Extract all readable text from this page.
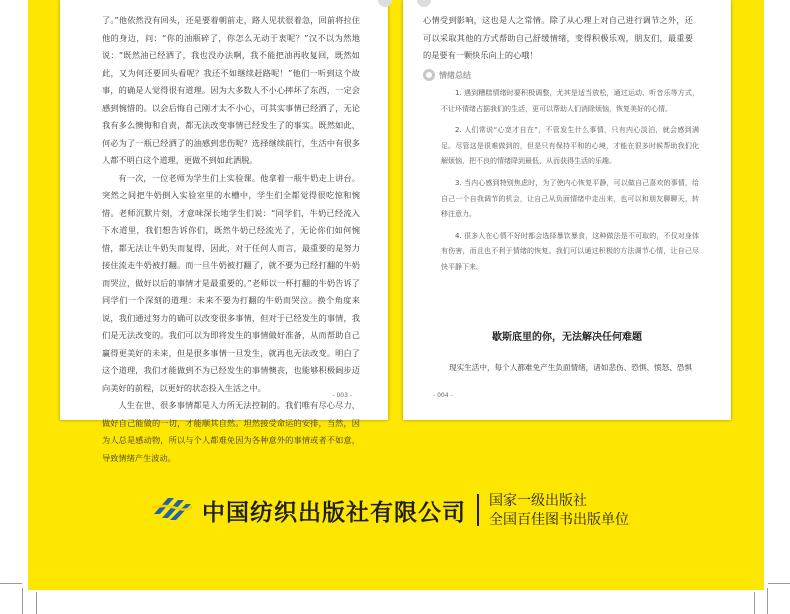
了。”他依然没有回头，还是要着朝前走，路人见状很着急，回前将拉住他的身边，问：“你的油瓶碎了，你怎么无动于衷呢？”汉不以为然地说：“既然油已经洒了，我也没办法啊，我不能把油再收复回，既然如此，又为何还要回头看呢？我还不如继续赶路呢！”他们一听到这个故事，的确是人觉得很有道理。因为大多数人不小心摔坏了东西，一定会感到惋惜的。以会后悔自己刚才太不小心，可其实事情已经洒了，无论我有多么懊悔和自责，都无法改变事情已经发生了的事实。既然如此，何必为了一瓶已经洒了的油感到悲伤呢？选择继续前行，生活中有很多人都不明白这个道理，更做不到如此洒脱。

有一次，一位老师为学生们上实验课。他拿着一瓶牛奶走上讲台。突然之间把牛奶倒入实验室里的水槽中，学生们全都觉得很吃惊和惋惜。老师沉默片刻，才意味深长地学生们说：“同学们，牛奶已经流入下水道里，我们想告诉你们，既然牛奶已经流光了，无论你们如何惋惜，都无法让牛奶失而复得，因此，对于任何人而言，最重要的是努力接住流走牛奶被打翻。而一旦牛奶被打翻了，就不要为已经打翻的牛奶而哭泣，做好以后的事情才是最重要的。”老师以一杯打翻的牛奶告诉了同学们一个深刻的道理：未来不要为打翻的牛奶而哭泣。换个角度来说，我们通过努力的确可以改变很多事情，但对于已经发生的事情，我们是无法改变的。我们可以为即将发生的事情做好准备，从而帮助自己赢得更美好的未来，但是很多事情一旦发生，就再也无法改变。明白了这个道理，我们才能做到不为已经发生的事情懊丧，也能够积极阔步迈向美好的前程，以更好的状态投入生活之中。

人生在世，很多事情都是人力所无法控制的。我们唯有尽心尽力，做好自己能做的一切，才能顺其自然。坦然接受命运的安排，当然，因为人总是感动物，所以与个人都难免因为各种意外的事情或者不如意，导致情绪产生波动。

- 003 -

心情受到影响，这也是人之常情。除了从心理上对自己进行调节之外，还可以采取其他的方式帮助自己舒缓情绪，变得积极乐观，朋友们，最重要的是要有一颗快乐向上的心哦！

情绪总结

1. 遇到糟糕情绪时要积极调整，尤其是适当放松，通过运动、听音乐等方式，不让坏情绪占据我们的生活，更可以帮助人们消除烦恼，恢复美好的心情。

2. 人们常说“心宽才自在”，不管发生什么事情，只有内心淡泊，就会感到满足。尽管这是很难做到的，但是只有保持平和的心境，才能在很多时候帮助我们化解烦恼，把不良的情绪降到最低，从而获得生活的乐趣。

3. 当内心感到特别焦虑时，为了使内心恢复平静，可以做自己喜欢的事情，给自己一个自我调节的机会，让自己从负面情绪中走出来，也可以和朋友聊聊天，转移注意力。

4. 很多人在心情不好时都会选择暴饮暴食，这种做法是不可取的，不仅对身体有伤害，而且也不利于情绪的恢复。我们可以通过积极的方法调节心情，让自己尽快平静下来。

歇斯底里的你，无法解决任何难题
现实生活中，每个人都难免产生负面情绪，诸如悲伤、恐惧、愤怒、恐惧
- 004 -
中国纺织出版社有限公司 国家一级出版社
全国百佳图书出版单位
